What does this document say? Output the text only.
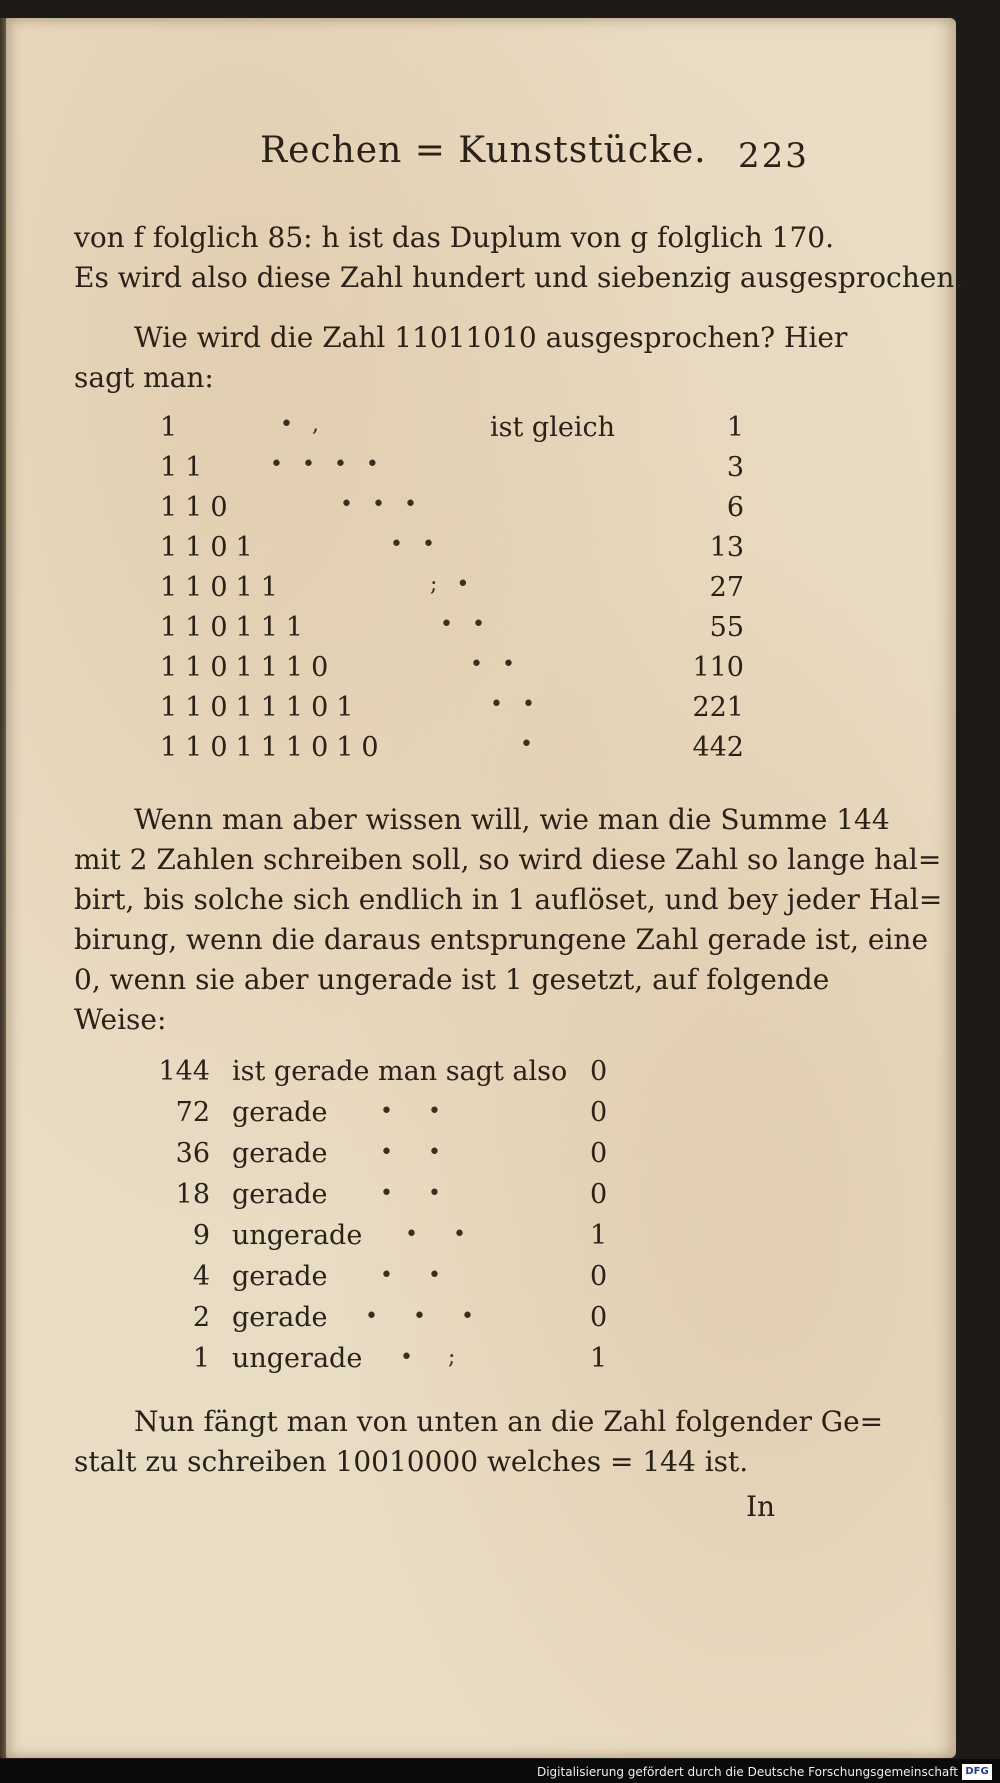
Rechen = Kunststücke. 223
von f folglich 85: h ist das Duplum von g folglich 170.
Es wird also diese Zahl hundert und siebenzig ausgesprochen.
Wie wird die Zahl 11011010 ausgesprochen? Hier
sagt man:
1	• ,	ist gleich	1
11	• • • •	3
110	• • •	6
1101	• •	13
11011	; •	27
110111	• •	55
1101110	• •	110
11011101	• •	221
110111010	•	442
Wenn man aber wissen will, wie man die Summe 144
mit 2 Zahlen schreiben soll, so wird diese Zahl so lange hal=
birt, bis solche sich endlich in 1 auflöset, und bey jeder Hal=
birung, wenn die daraus entsprungene Zahl gerade ist, eine
0, wenn sie aber ungerade ist 1 gesetzt, auf folgende
Weise:
144 ist gerade man sagt also 0
72 gerade • •	0
36 gerade • •	0
18 gerade • •	0
9 ungerade • •	1
4 gerade • •	0
2 gerade • • •	0
1 ungerade • ;	1
Nun fängt man von unten an die Zahl folgender Ge=
stalt zu schreiben 10010000 welches = 144 ist.
In
Digitalisierung gefördert durch die Deutsche Forschungsgemeinschaft DFG
